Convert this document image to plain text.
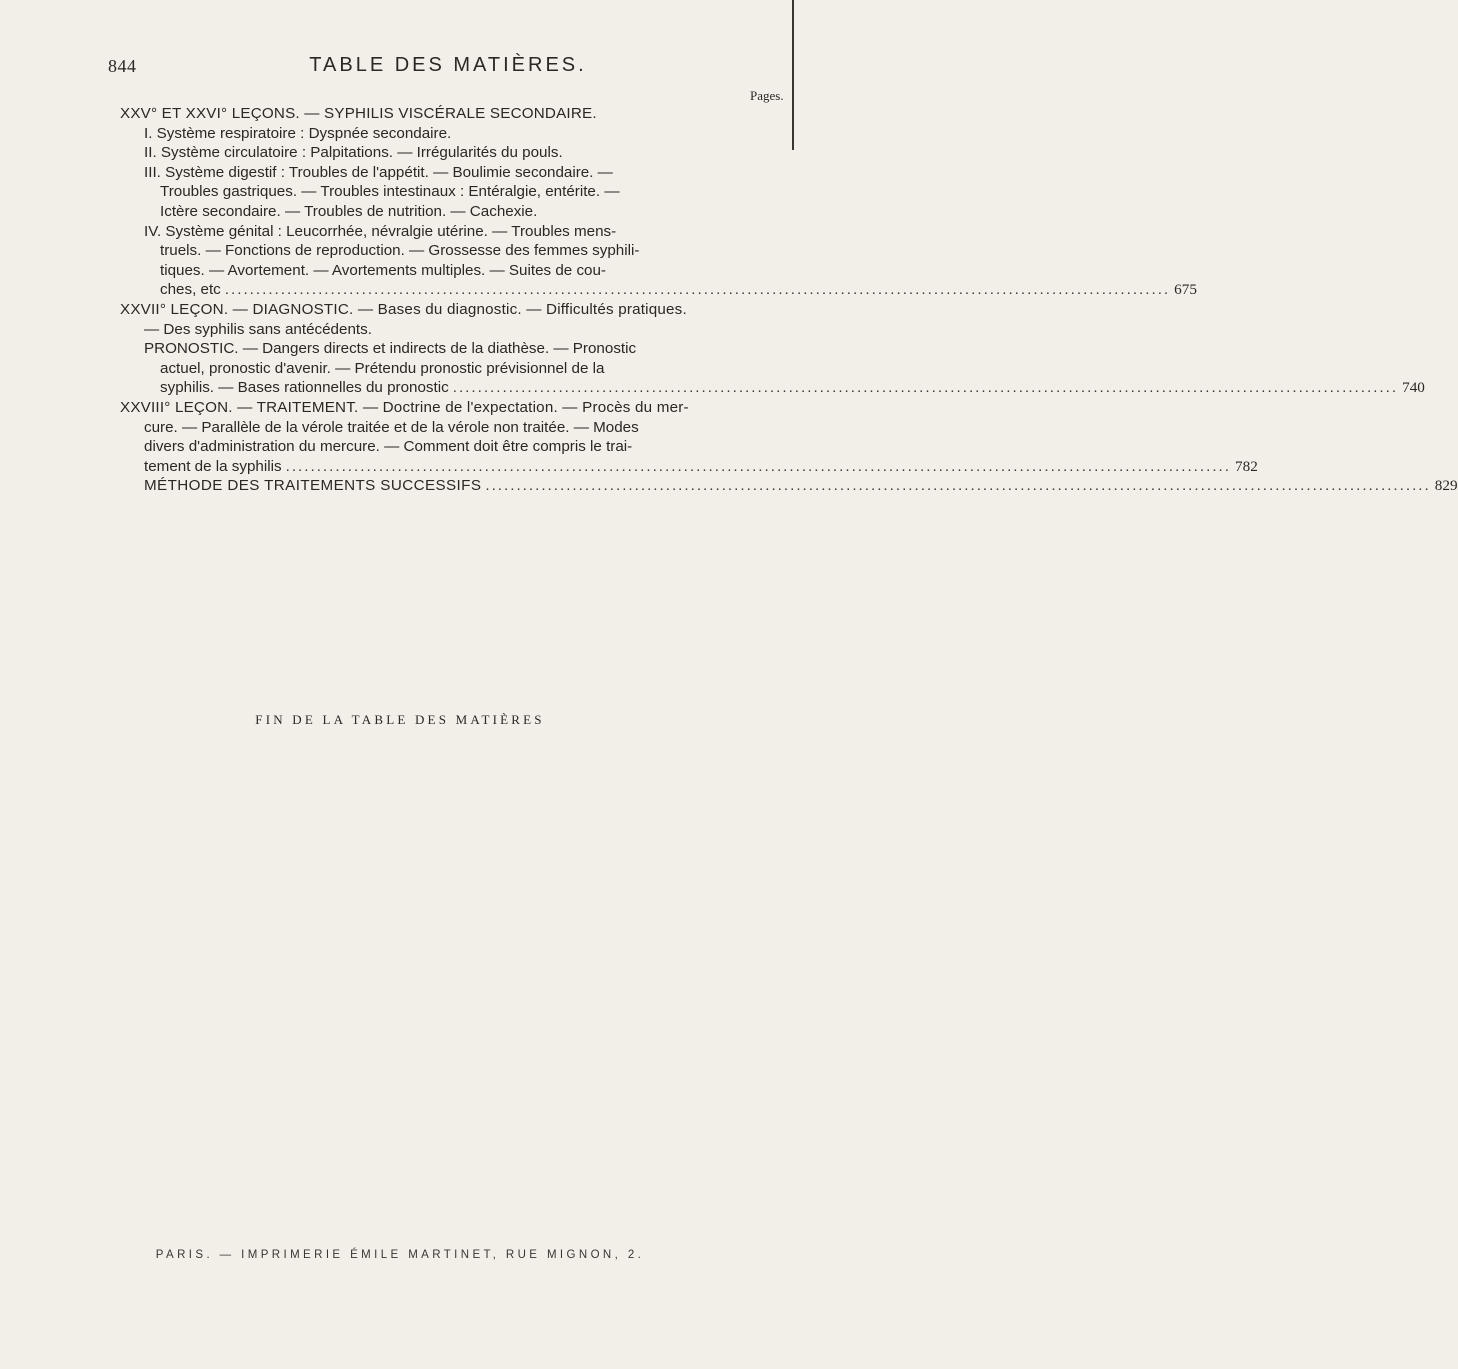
844	TABLE DES MATIÈRES.
Pages.
XXV° ET XXVI° LEÇONS. — SYPHILIS VISCÉRALE SECONDAIRE.
I. Système respiratoire : Dyspnée secondaire.
II. Système circulatoire : Palpitations. — Irrégularités du pouls.
III. Système digestif : Troubles de l'appétit. — Boulimie secondaire. —
Troubles gastriques. — Troubles intestinaux : Entéralgie, entérite. —
Ictère secondaire. — Troubles de nutrition. — Cachexie.
IV. Système génital : Leucorrhée, névralgie utérine. — Troubles mens-
truels. — Fonctions de reproduction. — Grossesse des femmes syphili-
tiques. — Avortement. — Avortements multiples. — Suites de cou-
ches, etc ........................................................................................................................................................ 675
XXVII° LEÇON. — DIAGNOSTIC. — Bases du diagnostic. — Difficultés pratiques.
— Des syphilis sans antécédents.
PRONOSTIC. — Dangers directs et indirects de la diathèse. — Pronostic
actuel, pronostic d'avenir. — Prétendu pronostic prévisionnel de la
syphilis. — Bases rationnelles du pronostic ........................................................................................................................................................ 740
XXVIII° LEÇON. — TRAITEMENT. — Doctrine de l'expectation. — Procès du mer-
cure. — Parallèle de la vérole traitée et de la vérole non traitée. — Modes
divers d'administration du mercure. — Comment doit être compris le trai-
tement de la syphilis ........................................................................................................................................................ 782
MÉTHODE DES TRAITEMENTS SUCCESSIFS ........................................................................................................................................................ 829
FIN DE LA TABLE DES MATIÈRES
PARIS. — IMPRIMERIE ÉMILE MARTINET, RUE MIGNON, 2.
